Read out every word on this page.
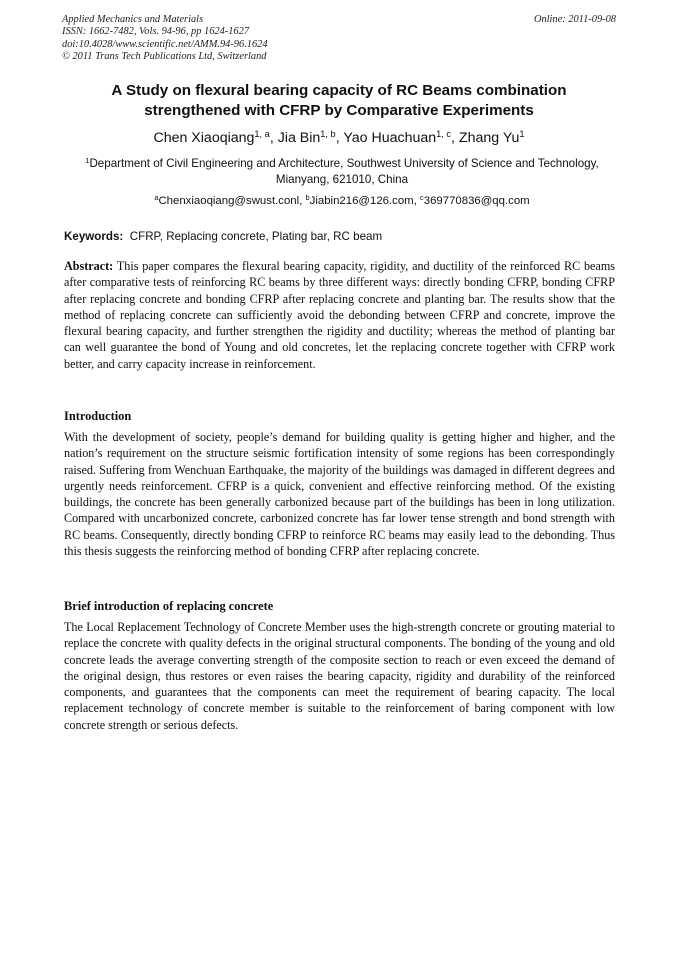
Applied Mechanics and Materials
ISSN: 1662-7482, Vols. 94-96, pp 1624-1627
doi:10.4028/www.scientific.net/AMM.94-96.1624
© 2011 Trans Tech Publications Ltd, Switzerland
Online: 2011-09-08
A Study on flexural bearing capacity of RC Beams combination strengthened with CFRP by Comparative Experiments
Chen Xiaoqiang$^{1, a}$, Jia Bin$^{1, b}$, Yao Huachuan$^{1, c}$, Zhang Yu$^1$
$^1$Department of Civil Engineering and Architecture, Southwest University of Science and Technology, Mianyang, 621010, China
$^a$Chenxiaoqiang@swust.conl, $^b$Jiabin216@126.com, $^c$369770836@qq.com
Keywords: CFRP, Replacing concrete, Plating bar, RC beam
Abstract: This paper compares the flexural bearing capacity, rigidity, and ductility of the reinforced RC beams after comparative tests of reinforcing RC beams by three different ways: directly bonding CFRP, bonding CFRP after replacing concrete and bonding CFRP after replacing concrete and planting bar. The results show that the method of replacing concrete can sufficiently avoid the debonding between CFRP and concrete, improve the flexural bearing capacity, and further strengthen the rigidity and ductility; whereas the method of planting bar can well guarantee the bond of Young and old concretes, let the replacing concrete together with CFRP work better, and carry capacity increase in reinforcement.
Introduction
With the development of society, people’s demand for building quality is getting higher and higher, and the nation’s requirement on the structure seismic fortification intensity of some regions has been correspondingly raised. Suffering from Wenchuan Earthquake, the majority of the buildings was damaged in different degrees and urgently needs reinforcement. CFRP is a quick, convenient and effective reinforcing method. Of the existing buildings, the concrete has been generally carbonized because part of the buildings has been in long utilization. Compared with uncarbonized concrete, carbonized concrete has far lower tense strength and bond strength with RC beams. Consequently, directly bonding CFRP to reinforce RC beams may easily lead to the debonding. Thus this thesis suggests the reinforcing method of bonding CFRP after replacing concrete.
Brief introduction of replacing concrete
The Local Replacement Technology of Concrete Member uses the high-strength concrete or grouting material to replace the concrete with quality defects in the original structural components. The bonding of the young and old concrete leads the average converting strength of the composite section to reach or even exceed the demand of the original design, thus restores or even raises the bearing capacity, rigidity and durability of the reinforced components, and guarantees that the components can meet the requirement of bearing capacity. The local replacement technology of concrete member is suitable to the reinforcement of baring component with low concrete strength or serious defects.
